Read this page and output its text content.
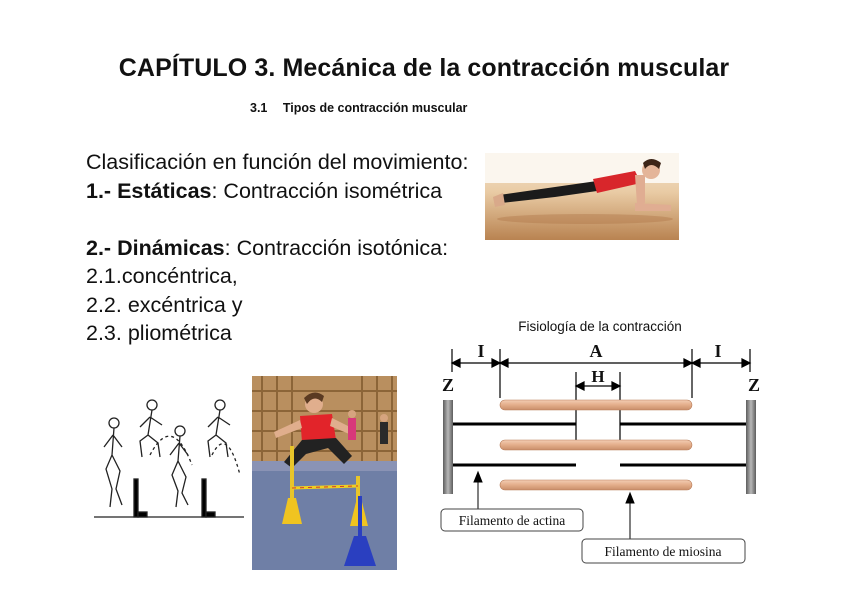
CAPÍTULO 3. Mecánica de la contracción muscular
3.1 Tipos de contracción muscular
Clasificación en función del movimiento:
1.- Estáticas: Contracción isométrica
2.- Dinámicas: Contracción isotónica:
2.1.concéntrica,
2.2. excéntrica y
2.3. pliométrica	Fisiología de la contracción
I	A	I
H
Z	Z
Filamento de actina
Filamento de miosina
